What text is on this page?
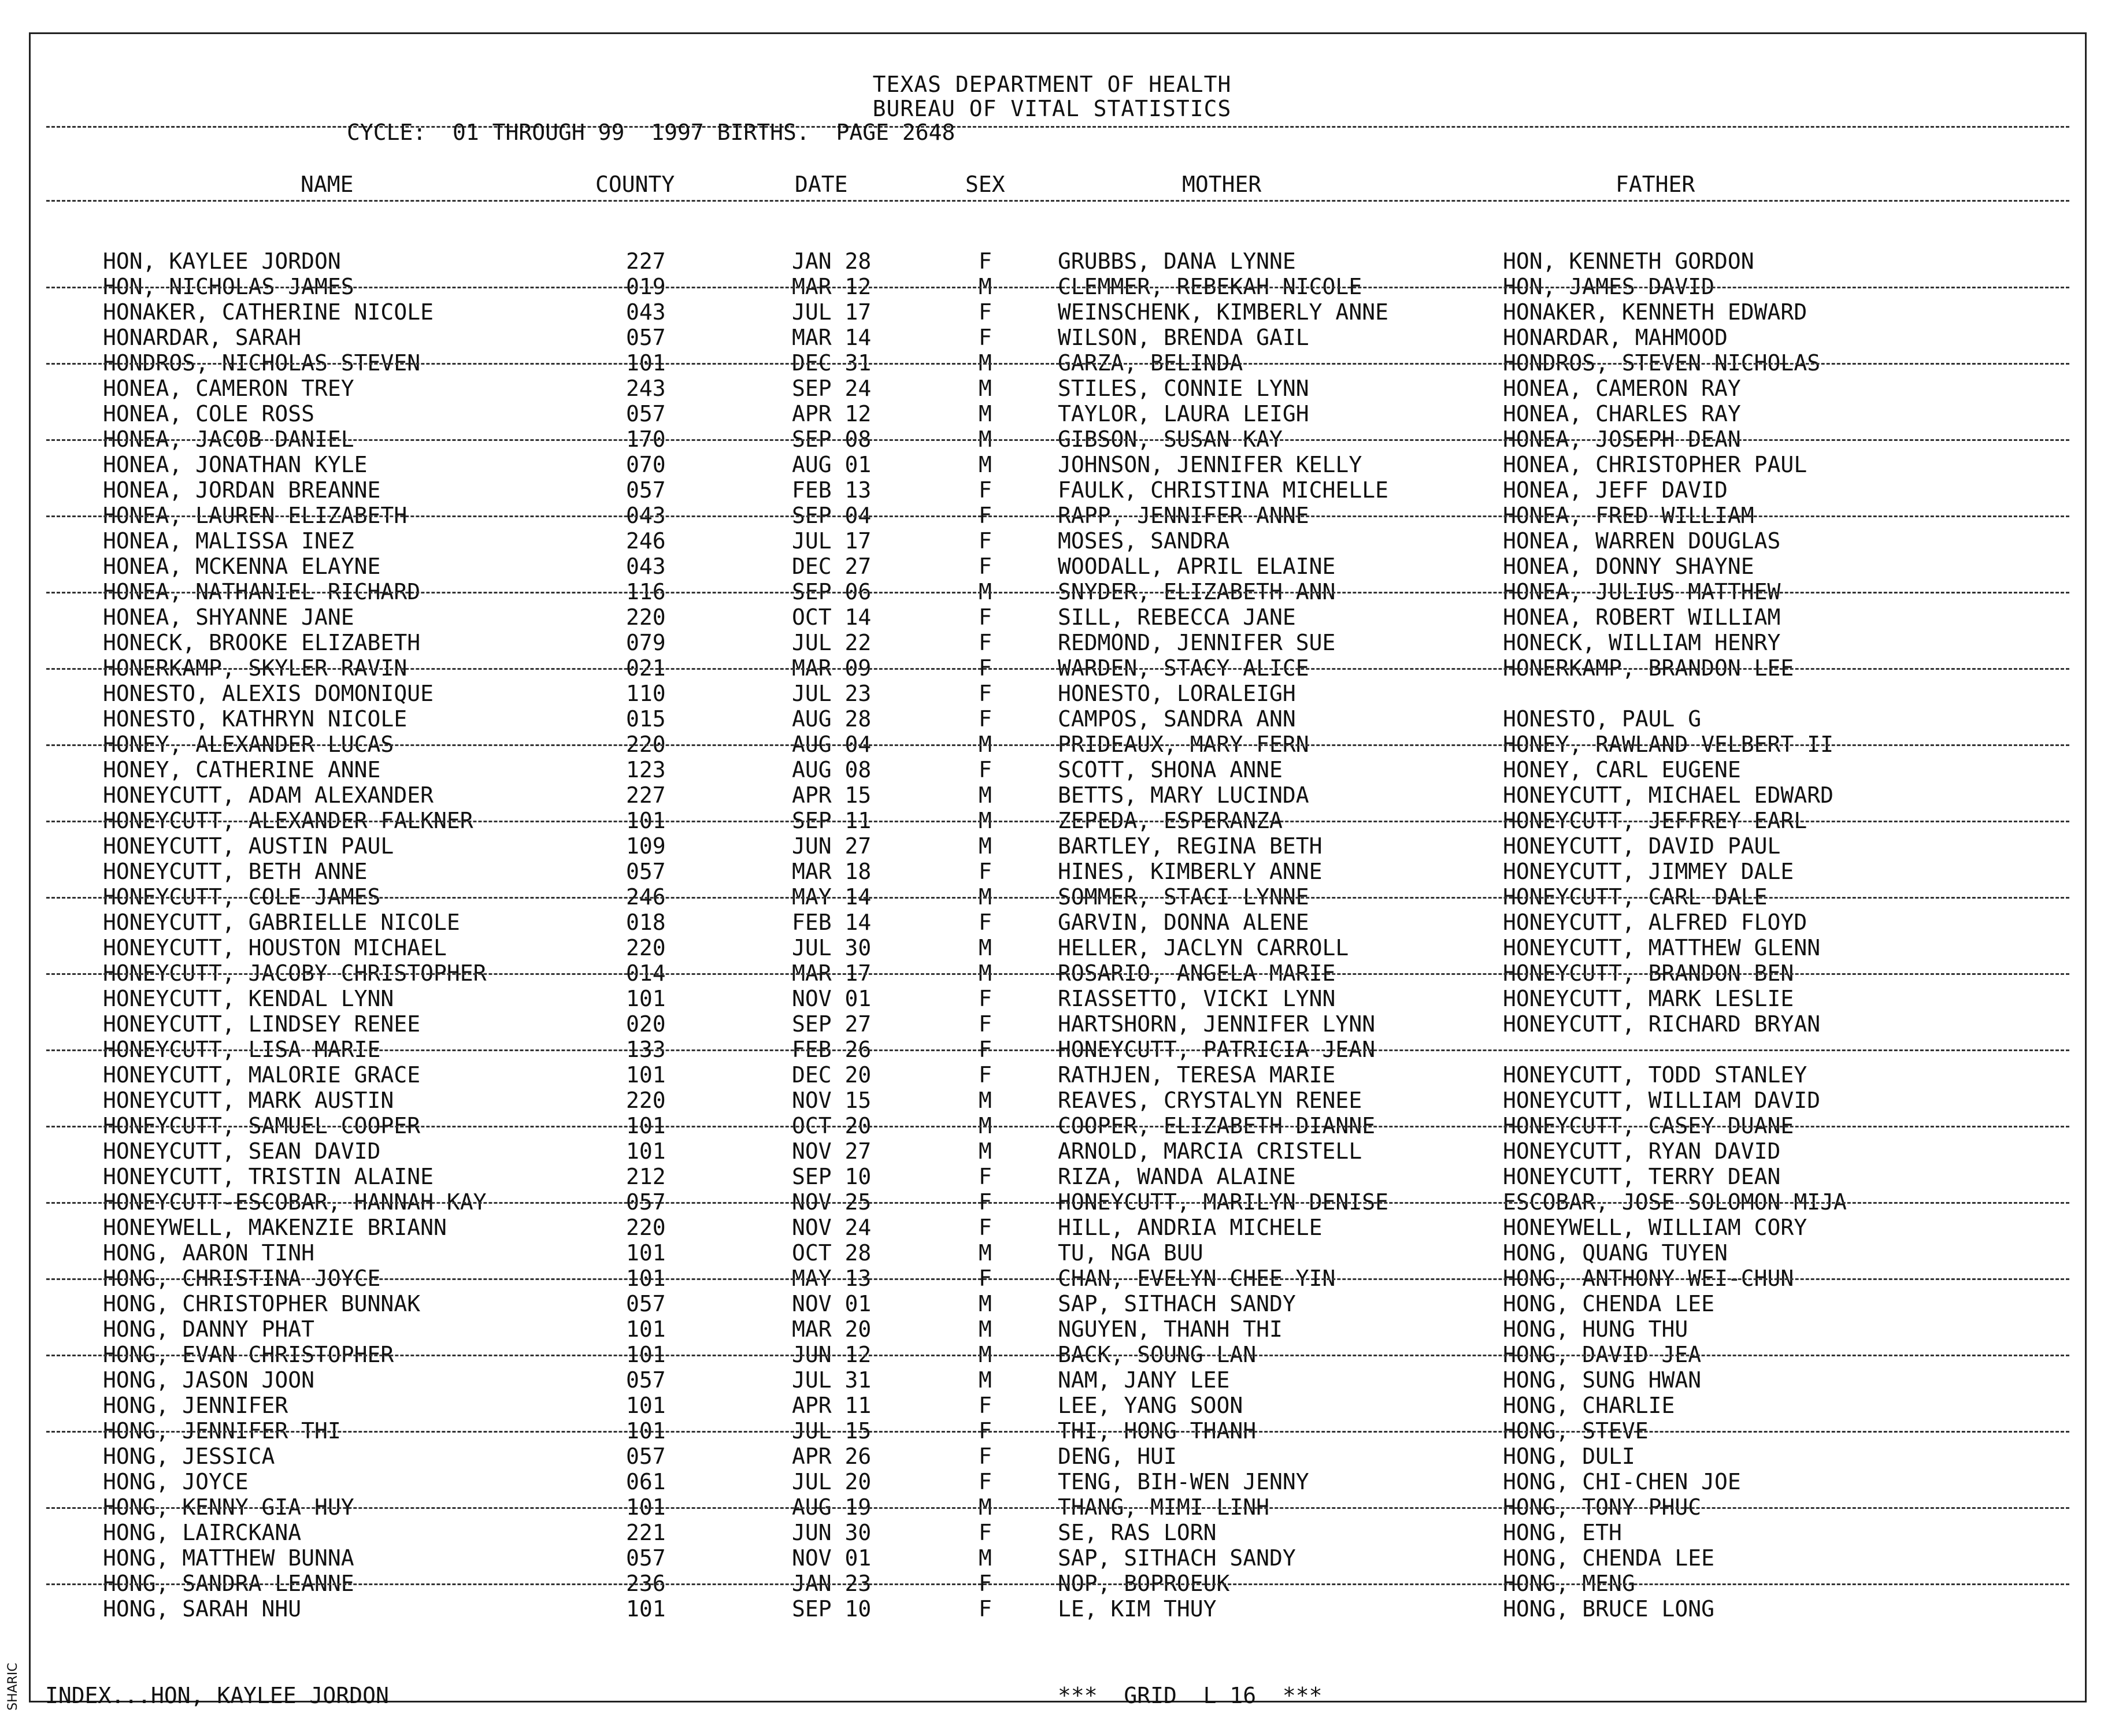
SHARIC
TEXAS DEPARTMENT OF HEALTH
BUREAU OF VITAL STATISTICS
CYCLE:  01 THROUGH 99  1997 BIRTHS.  PAGE 2648
NAME	COUNTY	DATE	SEX	MOTHER	FATHER
HON, KAYLEE JORDON	227	JAN 28	F	GRUBBS, DANA LYNNE	HON, KENNETH GORDON
HON, NICHOLAS JAMES	019	MAR 12	M	CLEMMER, REBEKAH NICOLE	HON, JAMES DAVID
HONAKER, CATHERINE NICOLE	043	JUL 17	F	WEINSCHENK, KIMBERLY ANNE	HONAKER, KENNETH EDWARD
HONARDAR, SARAH	057	MAR 14	F	WILSON, BRENDA GAIL	HONARDAR, MAHMOOD
HONDROS, NICHOLAS STEVEN	101	DEC 31	M	GARZA, BELINDA	HONDROS, STEVEN NICHOLAS
HONEA, CAMERON TREY	243	SEP 24	M	STILES, CONNIE LYNN	HONEA, CAMERON RAY
HONEA, COLE ROSS	057	APR 12	M	TAYLOR, LAURA LEIGH	HONEA, CHARLES RAY
HONEA, JACOB DANIEL	170	SEP 08	M	GIBSON, SUSAN KAY	HONEA, JOSEPH DEAN
HONEA, JONATHAN KYLE	070	AUG 01	M	JOHNSON, JENNIFER KELLY	HONEA, CHRISTOPHER PAUL
HONEA, JORDAN BREANNE	057	FEB 13	F	FAULK, CHRISTINA MICHELLE	HONEA, JEFF DAVID
HONEA, LAUREN ELIZABETH	043	SEP 04	F	RAPP, JENNIFER ANNE	HONEA, FRED WILLIAM
HONEA, MALISSA INEZ	246	JUL 17	F	MOSES, SANDRA	HONEA, WARREN DOUGLAS
HONEA, MCKENNA ELAYNE	043	DEC 27	F	WOODALL, APRIL ELAINE	HONEA, DONNY SHAYNE
HONEA, NATHANIEL RICHARD	116	SEP 06	M	SNYDER, ELIZABETH ANN	HONEA, JULIUS MATTHEW
HONEA, SHYANNE JANE	220	OCT 14	F	SILL, REBECCA JANE	HONEA, ROBERT WILLIAM
HONECK, BROOKE ELIZABETH	079	JUL 22	F	REDMOND, JENNIFER SUE	HONECK, WILLIAM HENRY
HONERKAMP, SKYLER RAVIN	021	MAR 09	F	WARDEN, STACY ALICE	HONERKAMP, BRANDON LEE
HONESTO, ALEXIS DOMONIQUE	110	JUL 23	F	HONESTO, LORALEIGH
HONESTO, KATHRYN NICOLE	015	AUG 28	F	CAMPOS, SANDRA ANN	HONESTO, PAUL G
HONEY, ALEXANDER LUCAS	220	AUG 04	M	PRIDEAUX, MARY FERN	HONEY, RAWLAND VELBERT II
HONEY, CATHERINE ANNE	123	AUG 08	F	SCOTT, SHONA ANNE	HONEY, CARL EUGENE
HONEYCUTT, ADAM ALEXANDER	227	APR 15	M	BETTS, MARY LUCINDA	HONEYCUTT, MICHAEL EDWARD
HONEYCUTT, ALEXANDER FALKNER	101	SEP 11	M	ZEPEDA, ESPERANZA	HONEYCUTT, JEFFREY EARL
HONEYCUTT, AUSTIN PAUL	109	JUN 27	M	BARTLEY, REGINA BETH	HONEYCUTT, DAVID PAUL
HONEYCUTT, BETH ANNE	057	MAR 18	F	HINES, KIMBERLY ANNE	HONEYCUTT, JIMMEY DALE
HONEYCUTT, COLE JAMES	246	MAY 14	M	SOMMER, STACI LYNNE	HONEYCUTT, CARL DALE
HONEYCUTT, GABRIELLE NICOLE	018	FEB 14	F	GARVIN, DONNA ALENE	HONEYCUTT, ALFRED FLOYD
HONEYCUTT, HOUSTON MICHAEL	220	JUL 30	M	HELLER, JACLYN CARROLL	HONEYCUTT, MATTHEW GLENN
HONEYCUTT, JACOBY CHRISTOPHER	014	MAR 17	M	ROSARIO, ANGELA MARIE	HONEYCUTT, BRANDON BEN
HONEYCUTT, KENDAL LYNN	101	NOV 01	F	RIASSETTO, VICKI LYNN	HONEYCUTT, MARK LESLIE
HONEYCUTT, LINDSEY RENEE	020	SEP 27	F	HARTSHORN, JENNIFER LYNN	HONEYCUTT, RICHARD BRYAN
HONEYCUTT, LISA MARIE	133	FEB 26	F	HONEYCUTT, PATRICIA JEAN
HONEYCUTT, MALORIE GRACE	101	DEC 20	F	RATHJEN, TERESA MARIE	HONEYCUTT, TODD STANLEY
HONEYCUTT, MARK AUSTIN	220	NOV 15	M	REAVES, CRYSTALYN RENEE	HONEYCUTT, WILLIAM DAVID
HONEYCUTT, SAMUEL COOPER	101	OCT 20	M	COOPER, ELIZABETH DIANNE	HONEYCUTT, CASEY DUANE
HONEYCUTT, SEAN DAVID	101	NOV 27	M	ARNOLD, MARCIA CRISTELL	HONEYCUTT, RYAN DAVID
HONEYCUTT, TRISTIN ALAINE	212	SEP 10	F	RIZA, WANDA ALAINE	HONEYCUTT, TERRY DEAN
HONEYCUTT-ESCOBAR, HANNAH KAY	057	NOV 25	F	HONEYCUTT, MARILYN DENISE	ESCOBAR, JOSE SOLOMON MIJA
HONEYWELL, MAKENZIE BRIANN	220	NOV 24	F	HILL, ANDRIA MICHELE	HONEYWELL, WILLIAM CORY
HONG, AARON TINH	101	OCT 28	M	TU, NGA BUU	HONG, QUANG TUYEN
HONG, CHRISTINA JOYCE	101	MAY 13	F	CHAN, EVELYN CHEE YIN	HONG, ANTHONY WEI-CHUN
HONG, CHRISTOPHER BUNNAK	057	NOV 01	M	SAP, SITHACH SANDY	HONG, CHENDA LEE
HONG, DANNY PHAT	101	MAR 20	M	NGUYEN, THANH THI	HONG, HUNG THU
HONG, EVAN CHRISTOPHER	101	JUN 12	M	BACK, SOUNG LAN	HONG, DAVID JEA
HONG, JASON JOON	057	JUL 31	M	NAM, JANY LEE	HONG, SUNG HWAN
HONG, JENNIFER	101	APR 11	F	LEE, YANG SOON	HONG, CHARLIE
HONG, JENNIFER THI	101	JUL 15	F	THI, HONG THANH	HONG, STEVE
HONG, JESSICA	057	APR 26	F	DENG, HUI	HONG, DULI
HONG, JOYCE	061	JUL 20	F	TENG, BIH-WEN JENNY	HONG, CHI-CHEN JOE
HONG, KENNY GIA HUY	101	AUG 19	M	THANG, MIMI LINH	HONG, TONY PHUC
HONG, LAIRCKANA	221	JUN 30	F	SE, RAS LORN	HONG, ETH
HONG, MATTHEW BUNNA	057	NOV 01	M	SAP, SITHACH SANDY	HONG, CHENDA LEE
HONG, SANDRA LEANNE	236	JAN 23	F	NOP, BOPROEUK	HONG, MENG
HONG, SARAH NHU	101	SEP 10	F	LE, KIM THUY	HONG, BRUCE LONG
INDEX...HON, KAYLEE JORDON	***  GRID  L 16  ***
